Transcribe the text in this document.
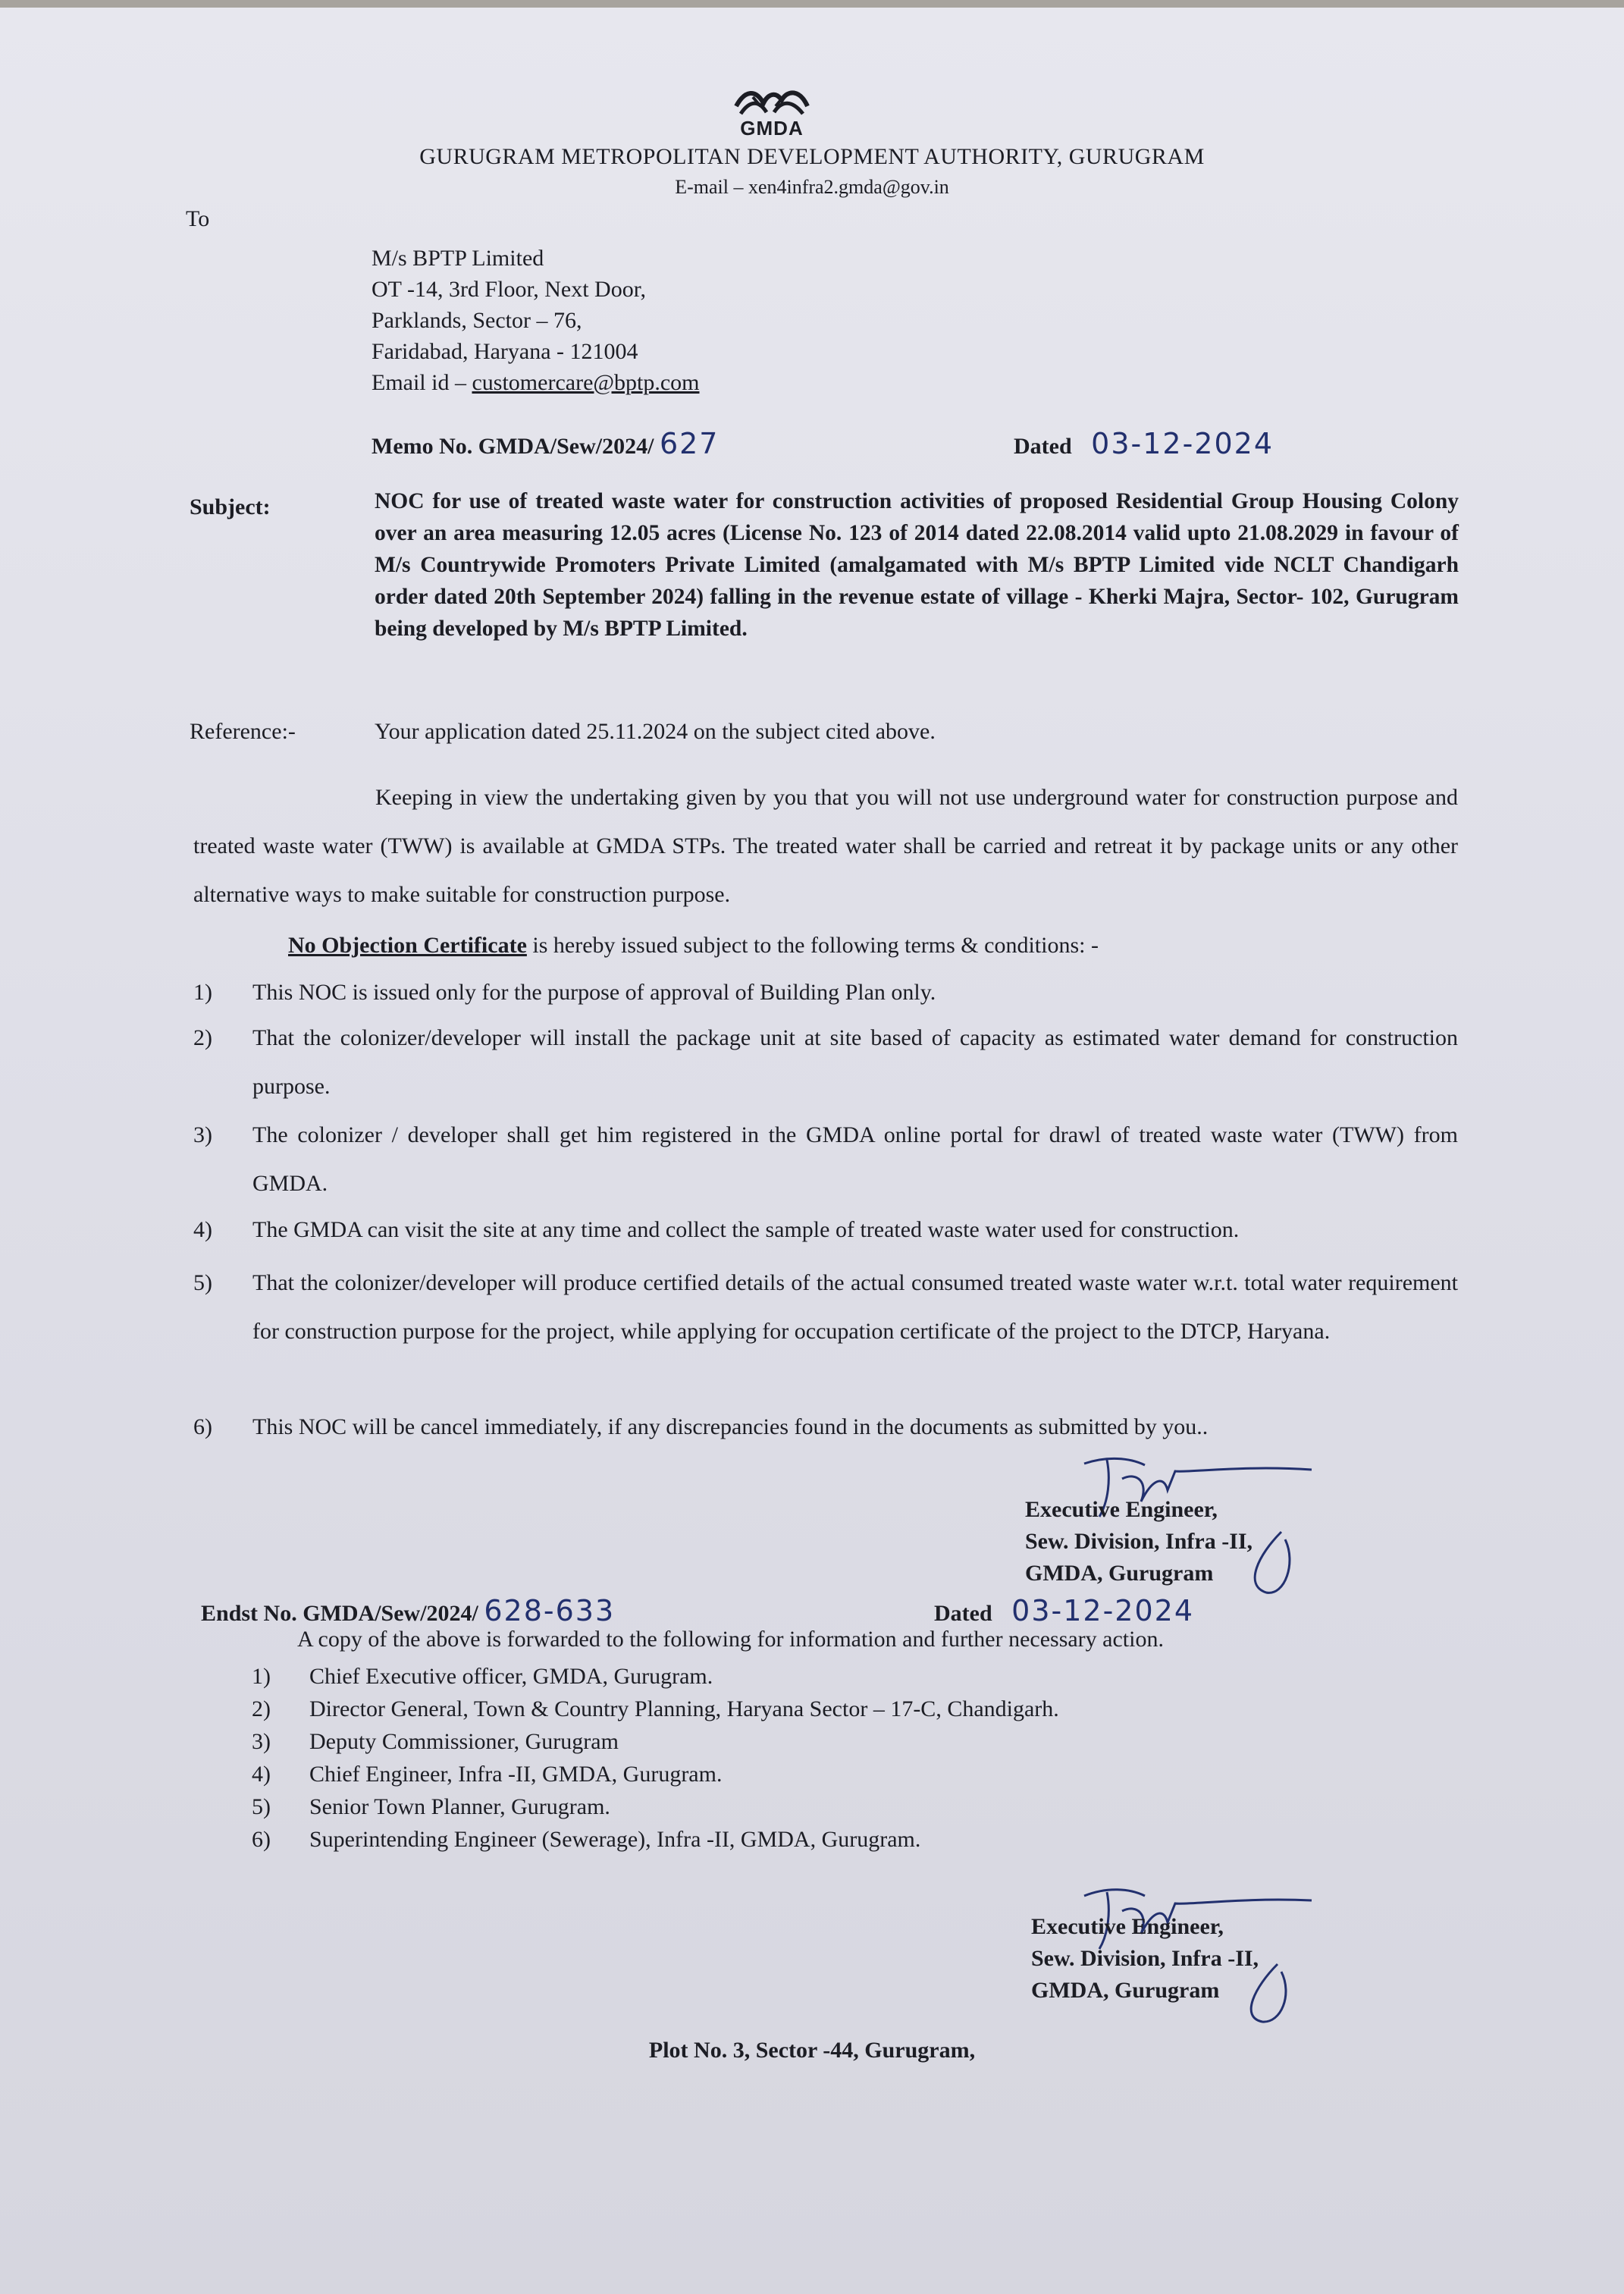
GMDA
GURUGRAM METROPOLITAN DEVELOPMENT AUTHORITY, GURUGRAM
E-mail – xen4infra2.gmda@gov.in
To
M/s BPTP Limited
OT -14, 3rd Floor, Next Door,
Parklands, Sector – 76,
Faridabad, Haryana - 121004
Email id – customercare@bptp.com
Memo No. GMDA/Sew/2024/ 627	Dated 03-12-2024
Subject:	NOC for use of treated waste water for construction activities of proposed Residential Group Housing Colony over an area measuring 12.05 acres (License No. 123 of 2014 dated 22.08.2014 valid upto 21.08.2029 in favour of M/s Countrywide Promoters Private Limited (amalgamated with M/s BPTP Limited vide NCLT Chandigarh order dated 20th September 2024) falling in the revenue estate of village - Kherki Majra, Sector- 102, Gurugram being developed by M/s BPTP Limited.
Reference:-	Your application dated 25.11.2024 on the subject cited above.
Keeping in view the undertaking given by you that you will not use underground water for construction purpose and treated waste water (TWW) is available at GMDA STPs. The treated water shall be carried and retreat it by package units or any other alternative ways to make suitable for construction purpose.
No Objection Certificate is hereby issued subject to the following terms & conditions: -
1) This NOC is issued only for the purpose of approval of Building Plan only.
2) That the colonizer/developer will install the package unit at site based of capacity as estimated water demand for construction purpose.
3) The colonizer / developer shall get him registered in the GMDA online portal for drawl of treated waste water (TWW) from GMDA.
4) The GMDA can visit the site at any time and collect the sample of treated waste water used for construction.
5) That the colonizer/developer will produce certified details of the actual consumed treated waste water w.r.t. total water requirement for construction purpose for the project, while applying for occupation certificate of the project to the DTCP, Haryana.
6) This NOC will be cancel immediately, if any discrepancies found in the documents as submitted by you..
Executive Engineer,
Sew. Division, Infra -II,
GMDA, Gurugram
Endst No. GMDA/Sew/2024/ 628-633	Dated 03-12-2024
A copy of the above is forwarded to the following for information and further necessary action.
1) Chief Executive officer, GMDA, Gurugram.
2) Director General, Town & Country Planning, Haryana Sector – 17-C, Chandigarh.
3) Deputy Commissioner, Gurugram
4) Chief Engineer, Infra -II, GMDA, Gurugram.
5) Senior Town Planner, Gurugram.
6) Superintending Engineer (Sewerage), Infra -II, GMDA, Gurugram.
Executive Engineer,
Sew. Division, Infra -II,
GMDA, Gurugram
Plot No. 3, Sector -44, Gurugram,
